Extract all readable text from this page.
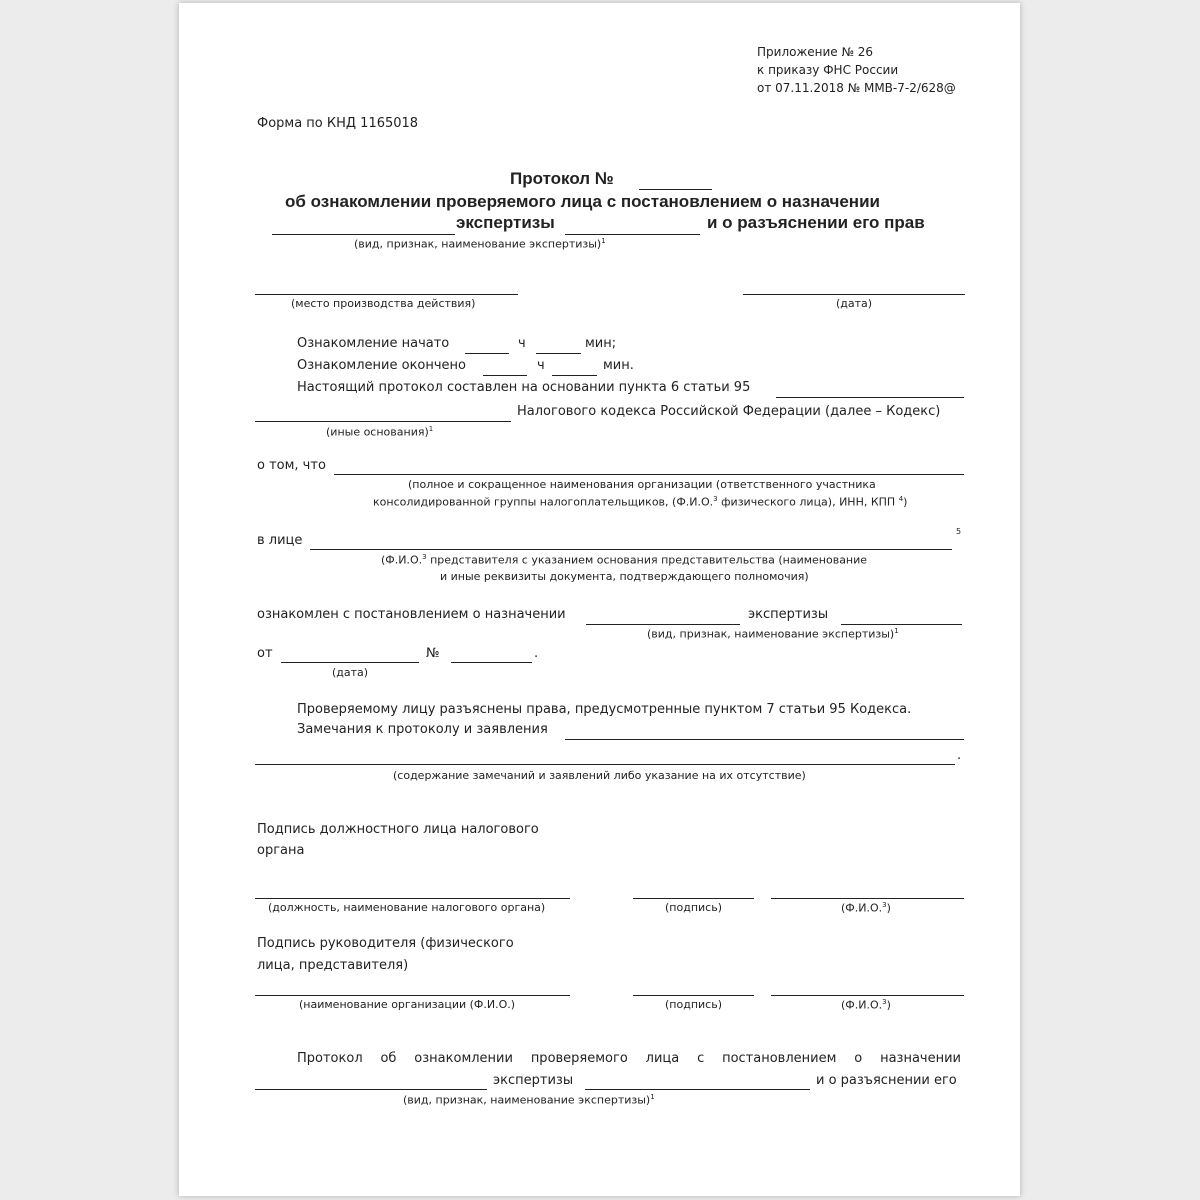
Приложение № 26
к приказу ФНС России
от 07.11.2018 № ММВ-7-2/628@
Форма по КНД 1165018
Протокол №
об ознакомлении проверяемого лица с постановлением о назначении
экспертизы	и о разъяснении его прав
(вид, признак, наименование экспертизы)$^1$
(место производства действия)	(дата)
Ознакомление начато	ч	мин;
Ознакомление окончено	ч	мин.
Настоящий протокол составлен на основании пункта 6 статьи 95
Налогового кодекса Российской Федерации (далее – Кодекс)
(иные основания)$^1$
о том, что
(полное и сокращенное наименования организации (ответственного участника
консолидированной группы налогоплательщиков, (Ф.И.О.$^3$ физического лица), ИНН, КПП $^4$)
в лице
5
(Ф.И.О.$^3$ представителя с указанием основания представительства (наименование
и иные реквизиты документа, подтверждающего полномочия)
ознакомлен с постановлением о назначении	экспертизы
(вид, признак, наименование экспертизы)$^1$
от	№	.
(дата)
Проверяемому лицу разъяснены права, предусмотренные пунктом 7 статьи 95 Кодекса.
Замечания к протоколу и заявления
.
(содержание замечаний и заявлений либо указание на их отсутствие)
Подпись должностного лица налогового
органа
(должность, наименование налогового органа)	(подпись)	(Ф.И.О.$^3$)
Подпись руководителя (физического
лица, представителя)
(наименование организации (Ф.И.О.)	(подпись)	(Ф.И.О.$^3$)
Протокол об ознакомлении проверяемого лица с постановлением о назначении
экспертизы	и о разъяснении его
(вид, признак, наименование экспертизы)$^1$
